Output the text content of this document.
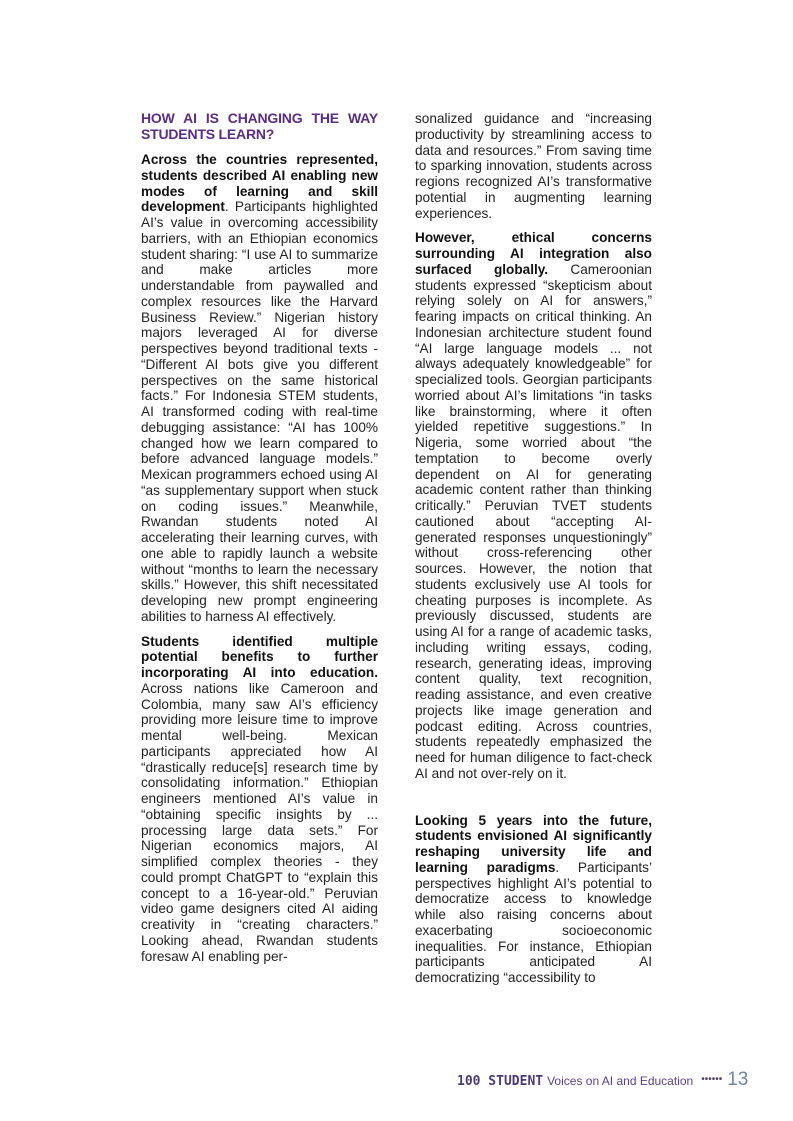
HOW AI IS CHANGING THE WAY STUDENTS LEARN?

Across the countries represented, students described AI enabling new modes of learning and skill development. Participants highlighted AI’s value in overcoming accessibility barriers, with an Ethiopian economics student sharing: “I use AI to summarize and make articles more understandable from paywalled and complex resources like the Harvard Business Review.” Nigerian history majors leveraged AI for diverse perspectives beyond traditional texts - “Different AI bots give you different perspectives on the same historical facts.” For Indonesia STEM students, AI transformed coding with real-time debugging assistance: “AI has 100% changed how we learn compared to before advanced language models.” Mexican programmers echoed using AI “as supplementary support when stuck on coding issues.” Meanwhile, Rwandan students noted AI accelerating their learning curves, with one able to rapidly launch a website without “months to learn the necessary skills.” However, this shift necessitated developing new prompt engineering abilities to harness AI effectively.

Students identified multiple potential benefits to further incorporating AI into education. Across nations like Cameroon and Colombia, many saw AI’s efficiency providing more leisure time to improve mental well-being. Mexican participants appreciated how AI “drastically reduce[s] research time by consolidating information.” Ethiopian engineers mentioned AI’s value in “obtaining specific insights by ... processing large data sets.” For Nigerian economics majors, AI simplified complex theories - they could prompt ChatGPT to “explain this concept to a 16-year-old.” Peruvian video game designers cited AI aiding creativity in “creating characters.” Looking ahead, Rwandan students foresaw AI enabling per-

sonalized guidance and “increasing productivity by streamlining access to data and resources.” From saving time to sparking innovation, students across regions recognized AI’s transformative potential in augmenting learning experiences.

However, ethical concerns surrounding AI integration also surfaced globally. Cameroonian students expressed “skepticism about relying solely on AI for answers,” fearing impacts on critical thinking. An Indonesian architecture student found “AI large language models ... not always adequately knowledgeable” for specialized tools. Georgian participants worried about AI’s limitations “in tasks like brainstorming, where it often yielded repetitive suggestions.” In Nigeria, some worried about “the temptation to become overly dependent on AI for generating academic content rather than thinking critically.” Peruvian TVET students cautioned about “accepting AI-generated responses unquestioningly” without cross-referencing other sources. However, the notion that students exclusively use AI tools for cheating purposes is incomplete. As previously discussed, students are using AI for a range of academic tasks, including writing essays, coding, research, generating ideas, improving content quality, text recognition, reading assistance, and even creative projects like image generation and podcast editing. Across countries, students repeatedly emphasized the need for human diligence to fact-check AI and not over-rely on it.

Looking 5 years into the future, students envisioned AI significantly reshaping university life and learning paradigms. Participants’ perspectives highlight AI’s potential to democratize access to knowledge while also raising concerns about exacerbating socioeconomic inequalities. For instance, Ethiopian participants anticipated AI democratizing “accessibility to

100 STUDENT Voices on AI and Education •••••• 13
